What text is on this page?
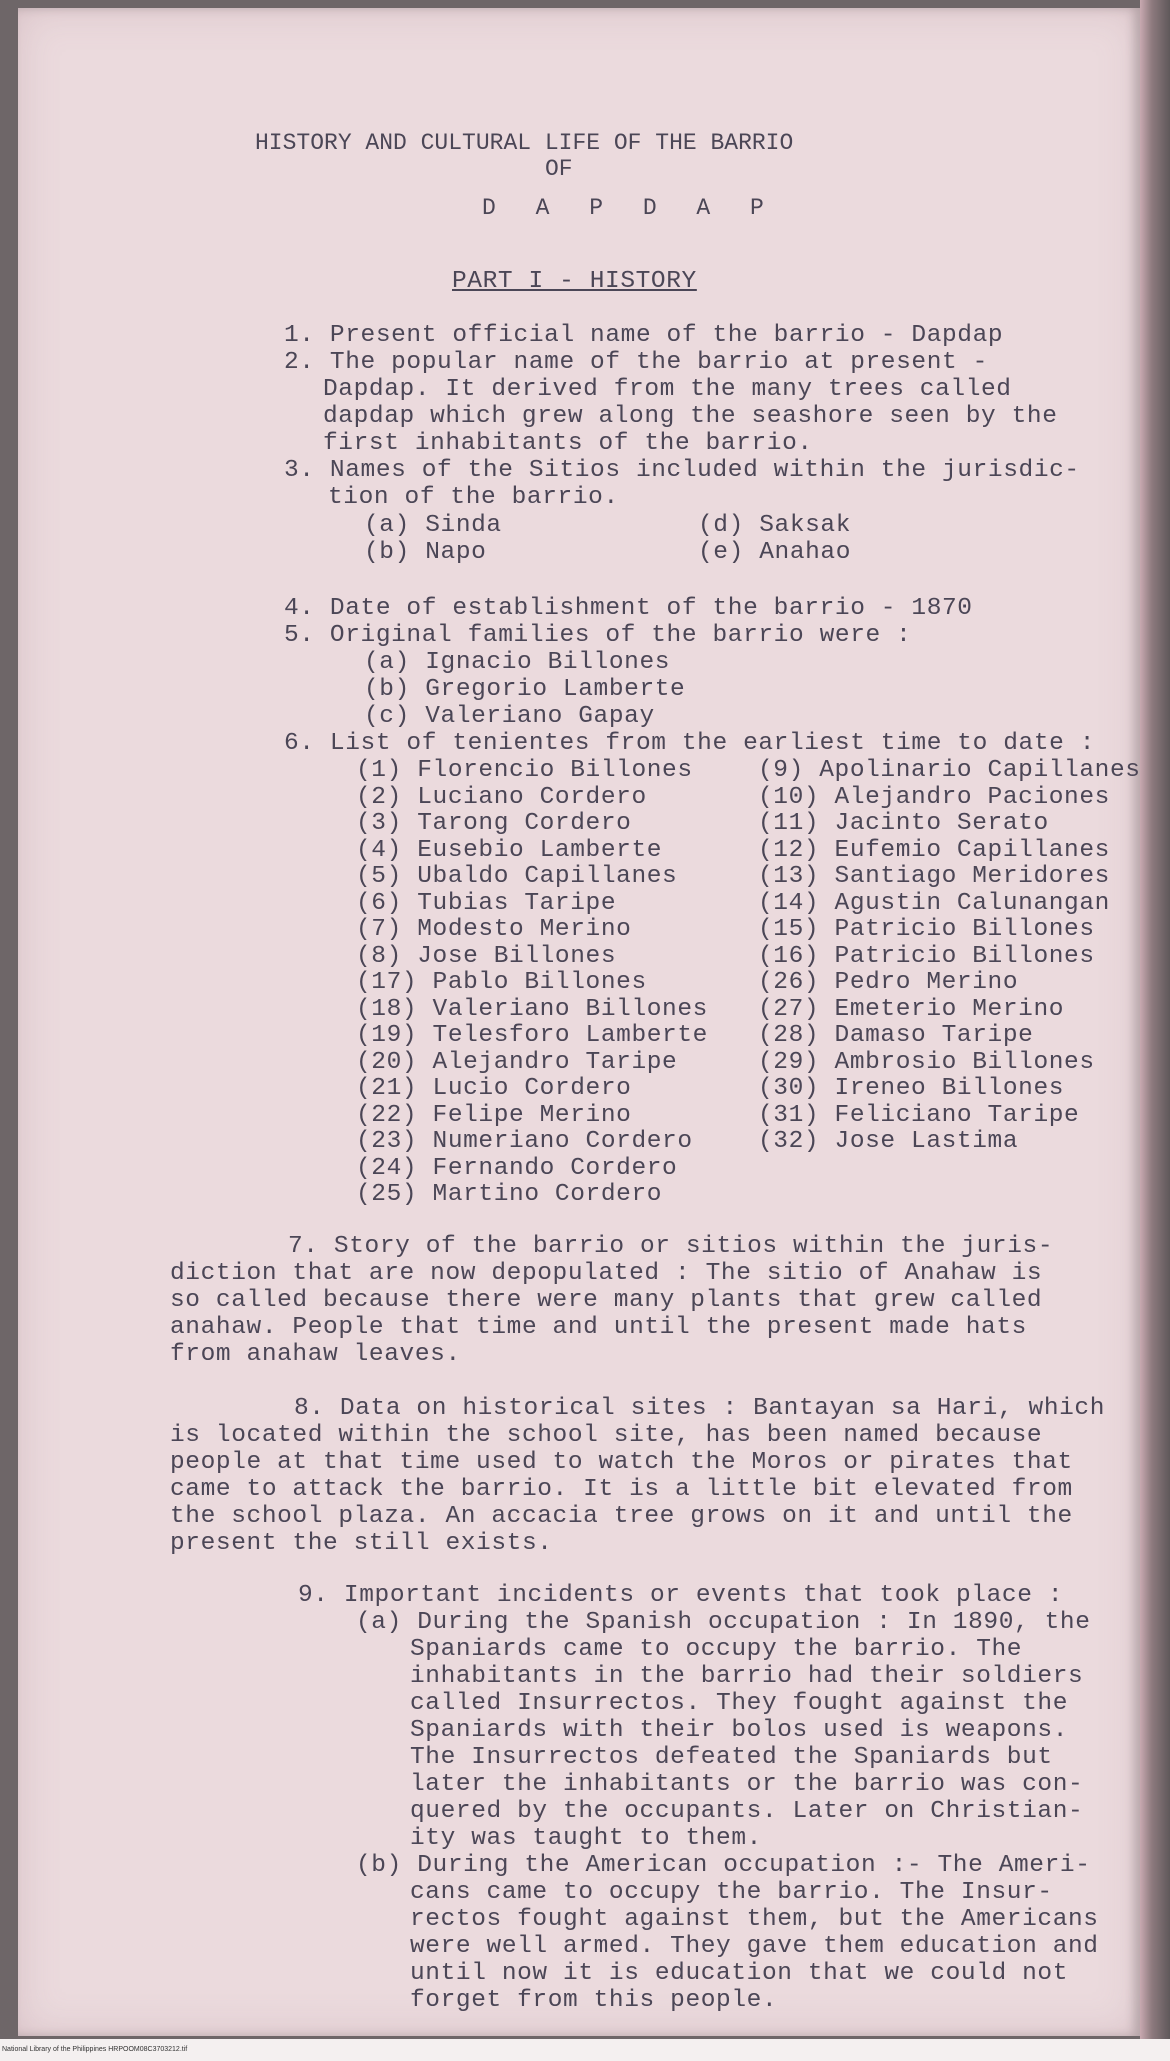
HISTORY AND CULTURAL LIFE OF THE BARRIO
OF
D A P D A P
PART I - HISTORY
1. Present official name of the barrio - Dapdap
2. The popular name of the barrio at present -
Dapdap. It derived from the many trees called
dapdap which grew along the seashore seen by the
first inhabitants of the barrio.
3. Names of the Sitios included within the jurisdic-
tion of the barrio.
(a) Sinda
(b) Napo
(d) Saksak
(e) Anahao
4. Date of establishment of the barrio - 1870
5. Original families of the barrio were :
(a) Ignacio Billones
(b) Gregorio Lamberte
(c) Valeriano Gapay
6. List of tenientes from the earliest time to date :
(1) Florencio Billones
(2) Luciano Cordero
(3) Tarong Cordero
(4) Eusebio Lamberte
(5) Ubaldo Capillanes
(6) Tubias Taripe
(7) Modesto Merino
(8) Jose Billones
(17) Pablo Billones
(18) Valeriano Billones
(19) Telesforo Lamberte
(20) Alejandro Taripe
(21) Lucio Cordero
(22) Felipe Merino
(23) Numeriano Cordero
(24) Fernando Cordero
(25) Martino Cordero
(9) Apolinario Capillanes
(10) Alejandro Paciones
(11) Jacinto Serato
(12) Eufemio Capillanes
(13) Santiago Meridores
(14) Agustin Calunangan
(15) Patricio Billones
(16) Patricio Billones
(26) Pedro Merino
(27) Emeterio Merino
(28) Damaso Taripe
(29) Ambrosio Billones
(30) Ireneo Billones
(31) Feliciano Taripe
(32) Jose Lastima
7. Story of the barrio or sitios within the juris-
diction that are now depopulated : The sitio of Anahaw is
so called because there were many plants that grew called
anahaw. People that time and until the present made hats
from anahaw leaves.
8. Data on historical sites : Bantayan sa Hari, which
is located within the school site, has been named because
people at that time used to watch the Moros or pirates that
came to attack the barrio. It is a little bit elevated from
the school plaza. An accacia tree grows on it and until the
present the still exists.
9. Important incidents or events that took place :
(a) During the Spanish occupation : In 1890, the
Spaniards came to occupy the barrio. The
inhabitants in the barrio had their soldiers
called Insurrectos. They fought against the
Spaniards with their bolos used is weapons.
The Insurrectos defeated the Spaniards but
later the inhabitants or the barrio was con-
quered by the occupants. Later on Christian-
ity was taught to them.
(b) During the American occupation :- The Ameri-
cans came to occupy the barrio. The Insur-
rectos fought against them, but the Americans
were well armed. They gave them education and
until now it is education that we could not
forget from this people.
National Library of the Philippines HRPOOM08C3703212.tif
